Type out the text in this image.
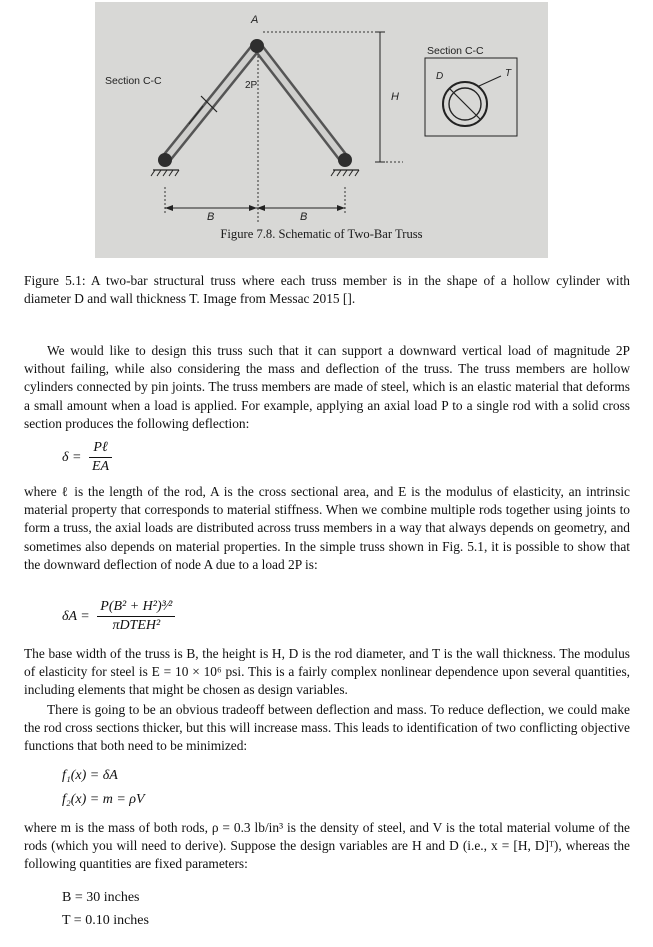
H
B	B
A
2P
Section C-C
Section C-C
D	T
Figure 7.8. Schematic of Two-Bar Truss
Figure 5.1: A two-bar structural truss where each truss member is in the shape of a hollow cylinder with diameter D and wall thickness T. Image from Messac 2015 [].
We would like to design this truss such that it can support a downward vertical load of magnitude 2P without failing, while also considering the mass and deflection of the truss. The truss members are hollow cylinders connected by pin joints. The truss members are made of steel, which is an elastic material that deforms a small amount when a load is applied. For example, applying an axial load P to a single rod with a solid cross section produces the following deflection:
$\delta = \frac{\text{Pℓ}}{EA}$
where ℓ is the length of the rod, A is the cross sectional area, and E is the modulus of elasticity, an intrinsic material property that corresponds to material stiffness. When we combine multiple rods together using joints to form a truss, the axial loads are distributed across truss members in a way that always depends on geometry, and sometimes also depends on material properties. In the simple truss shown in Fig. 5.1, it is possible to show that the downward deflection of node A due to a load 2P is:
$\delta A = \frac{\text{P(B² + H²)³⁄²}}{\text{πDTEH²}}$
The base width of the truss is B, the height is H, D is the rod diameter, and T is the wall thickness. The modulus of elasticity for steel is E = 10 × 10⁶ psi. This is a fairly complex nonlinear dependence upon several quantities, including elements that might be chosen as design variables.
There is going to be an obvious tradeoff between deflection and mass. To reduce deflection, we could make the rod cross sections thicker, but this will increase mass. This leads to identification of two conflicting objective functions that both need to be minimized:
f₁(x) = δA
f₂(x) = m = ρV
where m is the mass of both rods, ρ = 0.3 lb/in³ is the density of steel, and V is the total material volume of the rods (which you will need to derive). Suppose the design variables are H and D (i.e., x = [H, D]ᵀ), whereas the following quantities are fixed parameters:
B = 30 inches
T = 0.10 inches
